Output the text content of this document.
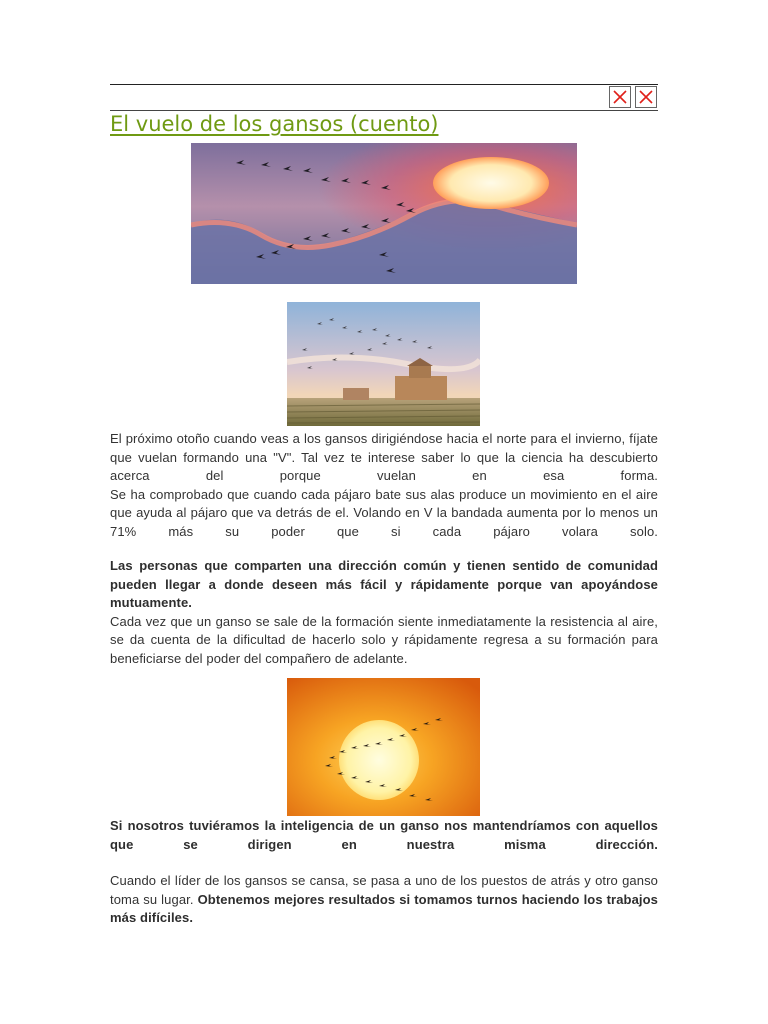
El vuelo de los gansos (cuento)

El próximo otoño cuando veas a los gansos dirigiéndose hacia el norte para el invierno, fíjate que vuelan formando una "V". Tal vez te interese saber lo que la ciencia ha descubierto acerca del porque vuelan en esa forma.

Se ha comprobado que cuando cada pájaro bate sus alas produce un movimiento en el aire que ayuda al pájaro que va detrás de el. Volando en V la bandada aumenta por lo menos un 71% más su poder que si cada pájaro volara solo.

Las personas que comparten una dirección común y tienen sentido de comunidad pueden llegar a donde deseen más fácil y rápidamente porque van apoyándose mutuamente.

Cada vez que un ganso se sale de la formación siente inmediatamente la resistencia al aire, se da cuenta de la dificultad de hacerlo solo y rápidamente regresa a su formación para beneficiarse del poder del compañero de adelante.

Si nosotros tuviéramos la inteligencia de un ganso nos mantendríamos con aquellos que se dirigen en nuestra misma dirección.

Cuando el líder de los gansos se cansa, se pasa a uno de los puestos de atrás y otro ganso toma su lugar. Obtenemos mejores resultados si tomamos turnos haciendo los trabajos más difíciles.
